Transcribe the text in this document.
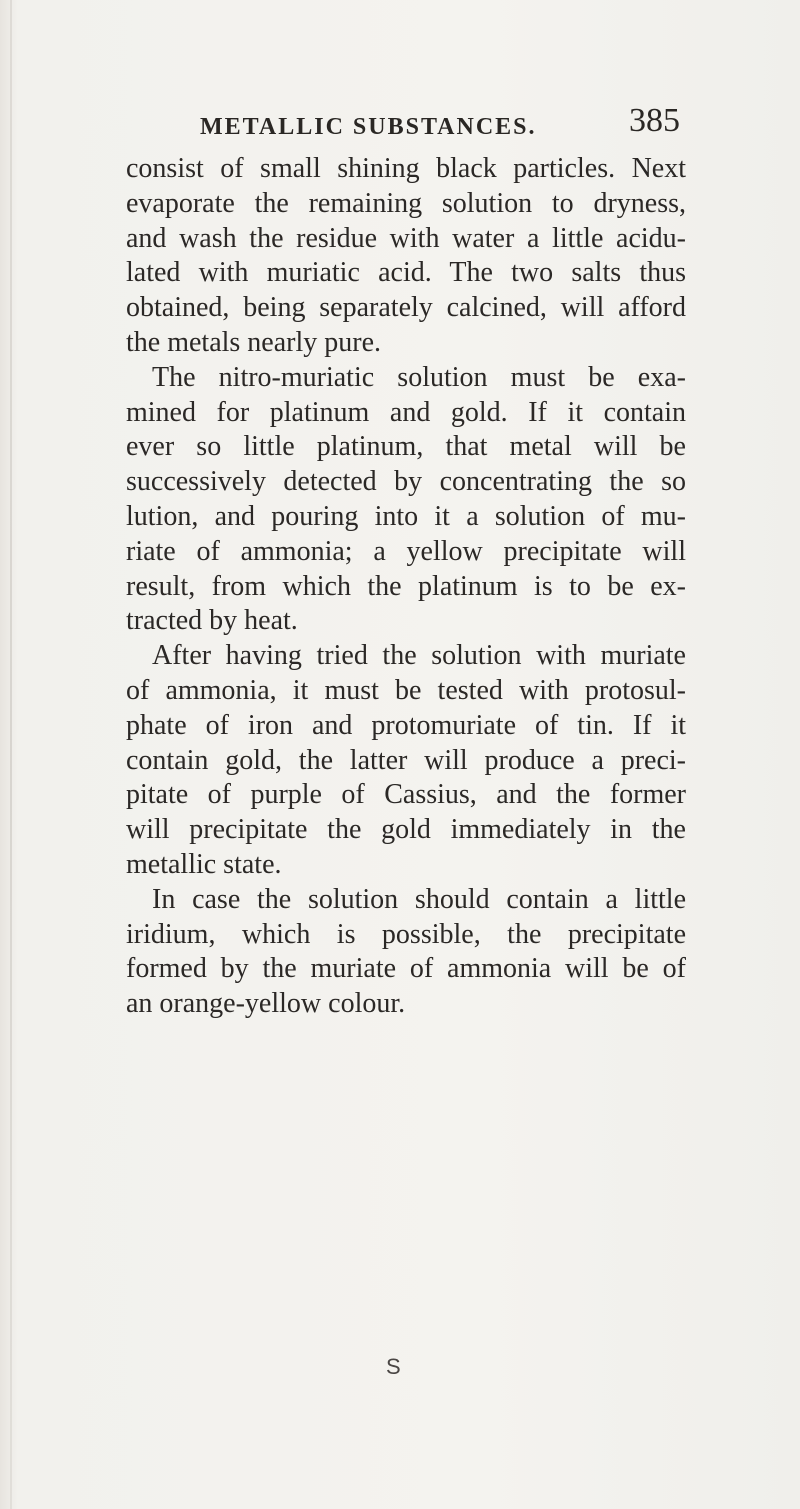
METALLIC SUBSTANCES.	385
consist of small shining black particles. Next
evaporate the remaining solution to dryness,
and wash the residue with water a little acidu-
lated with muriatic acid. The two salts thus
obtained, being separately calcined, will afford
the metals nearly pure.
The nitro-muriatic solution must be exa-
mined for platinum and gold. If it contain
ever so little platinum, that metal will be
successively detected by concentrating the so
lution, and pouring into it a solution of mu-
riate of ammonia; a yellow precipitate will
result, from which the platinum is to be ex-
tracted by heat.
After having tried the solution with muriate
of ammonia, it must be tested with protosul-
phate of iron and protomuriate of tin. If it
contain gold, the latter will produce a preci-
pitate of purple of Cassius, and the former
will precipitate the gold immediately in the
metallic state.
In case the solution should contain a little
iridium, which is possible, the precipitate
formed by the muriate of ammonia will be of
an orange-yellow colour.
S
